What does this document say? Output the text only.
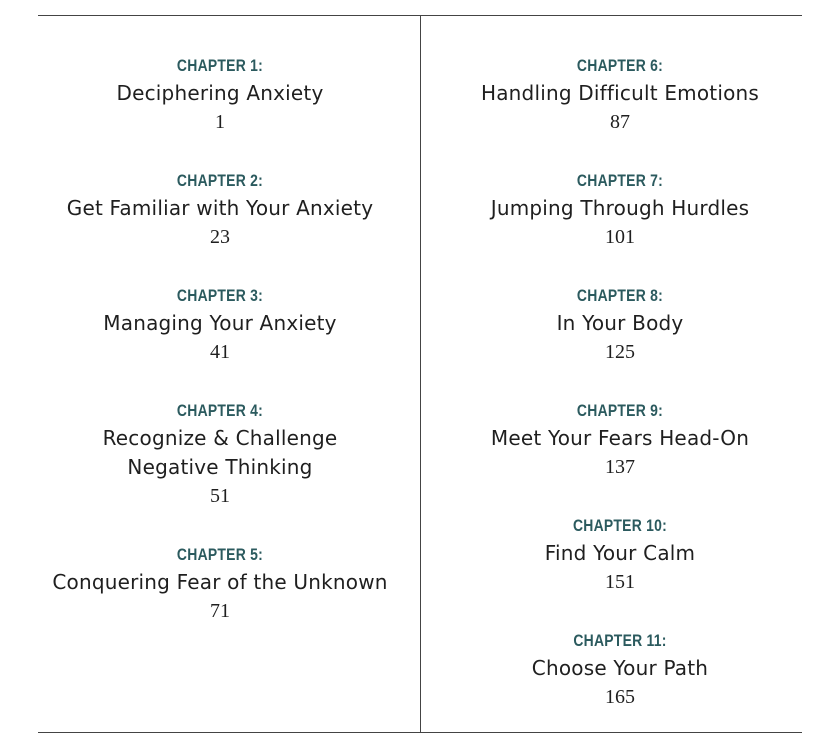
CHAPTER 1:
Deciphering Anxiety
1
CHAPTER 2:
Get Familiar with Your Anxiety
23
CHAPTER 3:
Managing Your Anxiety
41
CHAPTER 4:
Recognize & Challenge
Negative Thinking
51
CHAPTER 5:
Conquering Fear of the Unknown
71
CHAPTER 6:
Handling Difficult Emotions
87
CHAPTER 7:
Jumping Through Hurdles
101
CHAPTER 8:
In Your Body
125
CHAPTER 9:
Meet Your Fears Head-On
137
CHAPTER 10:
Find Your Calm
151
CHAPTER 11:
Choose Your Path
165
